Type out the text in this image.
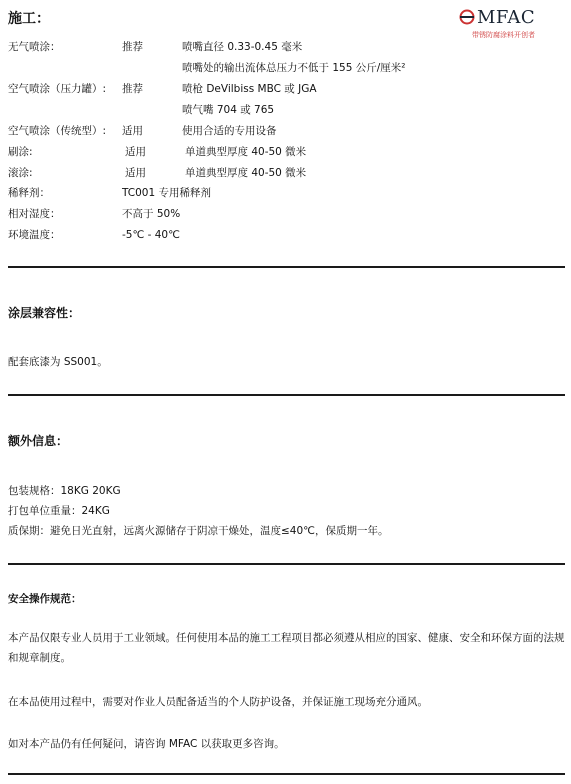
MFAC
带锈防腐涂料开创者
施工：
无气喷涂：	推荐	喷嘴直径 0.33-0.45 毫米
喷嘴处的输出流体总压力不低于 155 公斤/厘米²
空气喷涂（压力罐）: 推荐	喷枪 DeVilbiss MBC 或 JGA
喷气嘴 704 或 765
空气喷涂（传统型）: 适用	使用合适的专用设备
刷涂:	适用	单道典型厚度 40-50 微米
滚涂:	适用	单道典型厚度 40-50 微米
稀释剂：	TC001 专用稀释剂
相对湿度：	不高于 50%
环境温度：	-5℃ - 40℃
涂层兼容性：
配套底漆为 SS001。
额外信息：
包装规格：18KG 20KG
打包单位重量：24KG
质保期：避免日光直射，远离火源储存于阴凉干燥处，温度≤40℃，保质期一年。
安全操作规范：
本产品仅限专业人员用于工业领域。任何使用本品的施工工程项目都必须遵从相应的国家、健康、安全和环保方面的法规和规章制度。
在本品使用过程中，需要对作业人员配备适当的个人防护设备，并保证施工现场充分通风。
如对本产品仍有任何疑问，请咨询 MFAC 以获取更多咨询。
